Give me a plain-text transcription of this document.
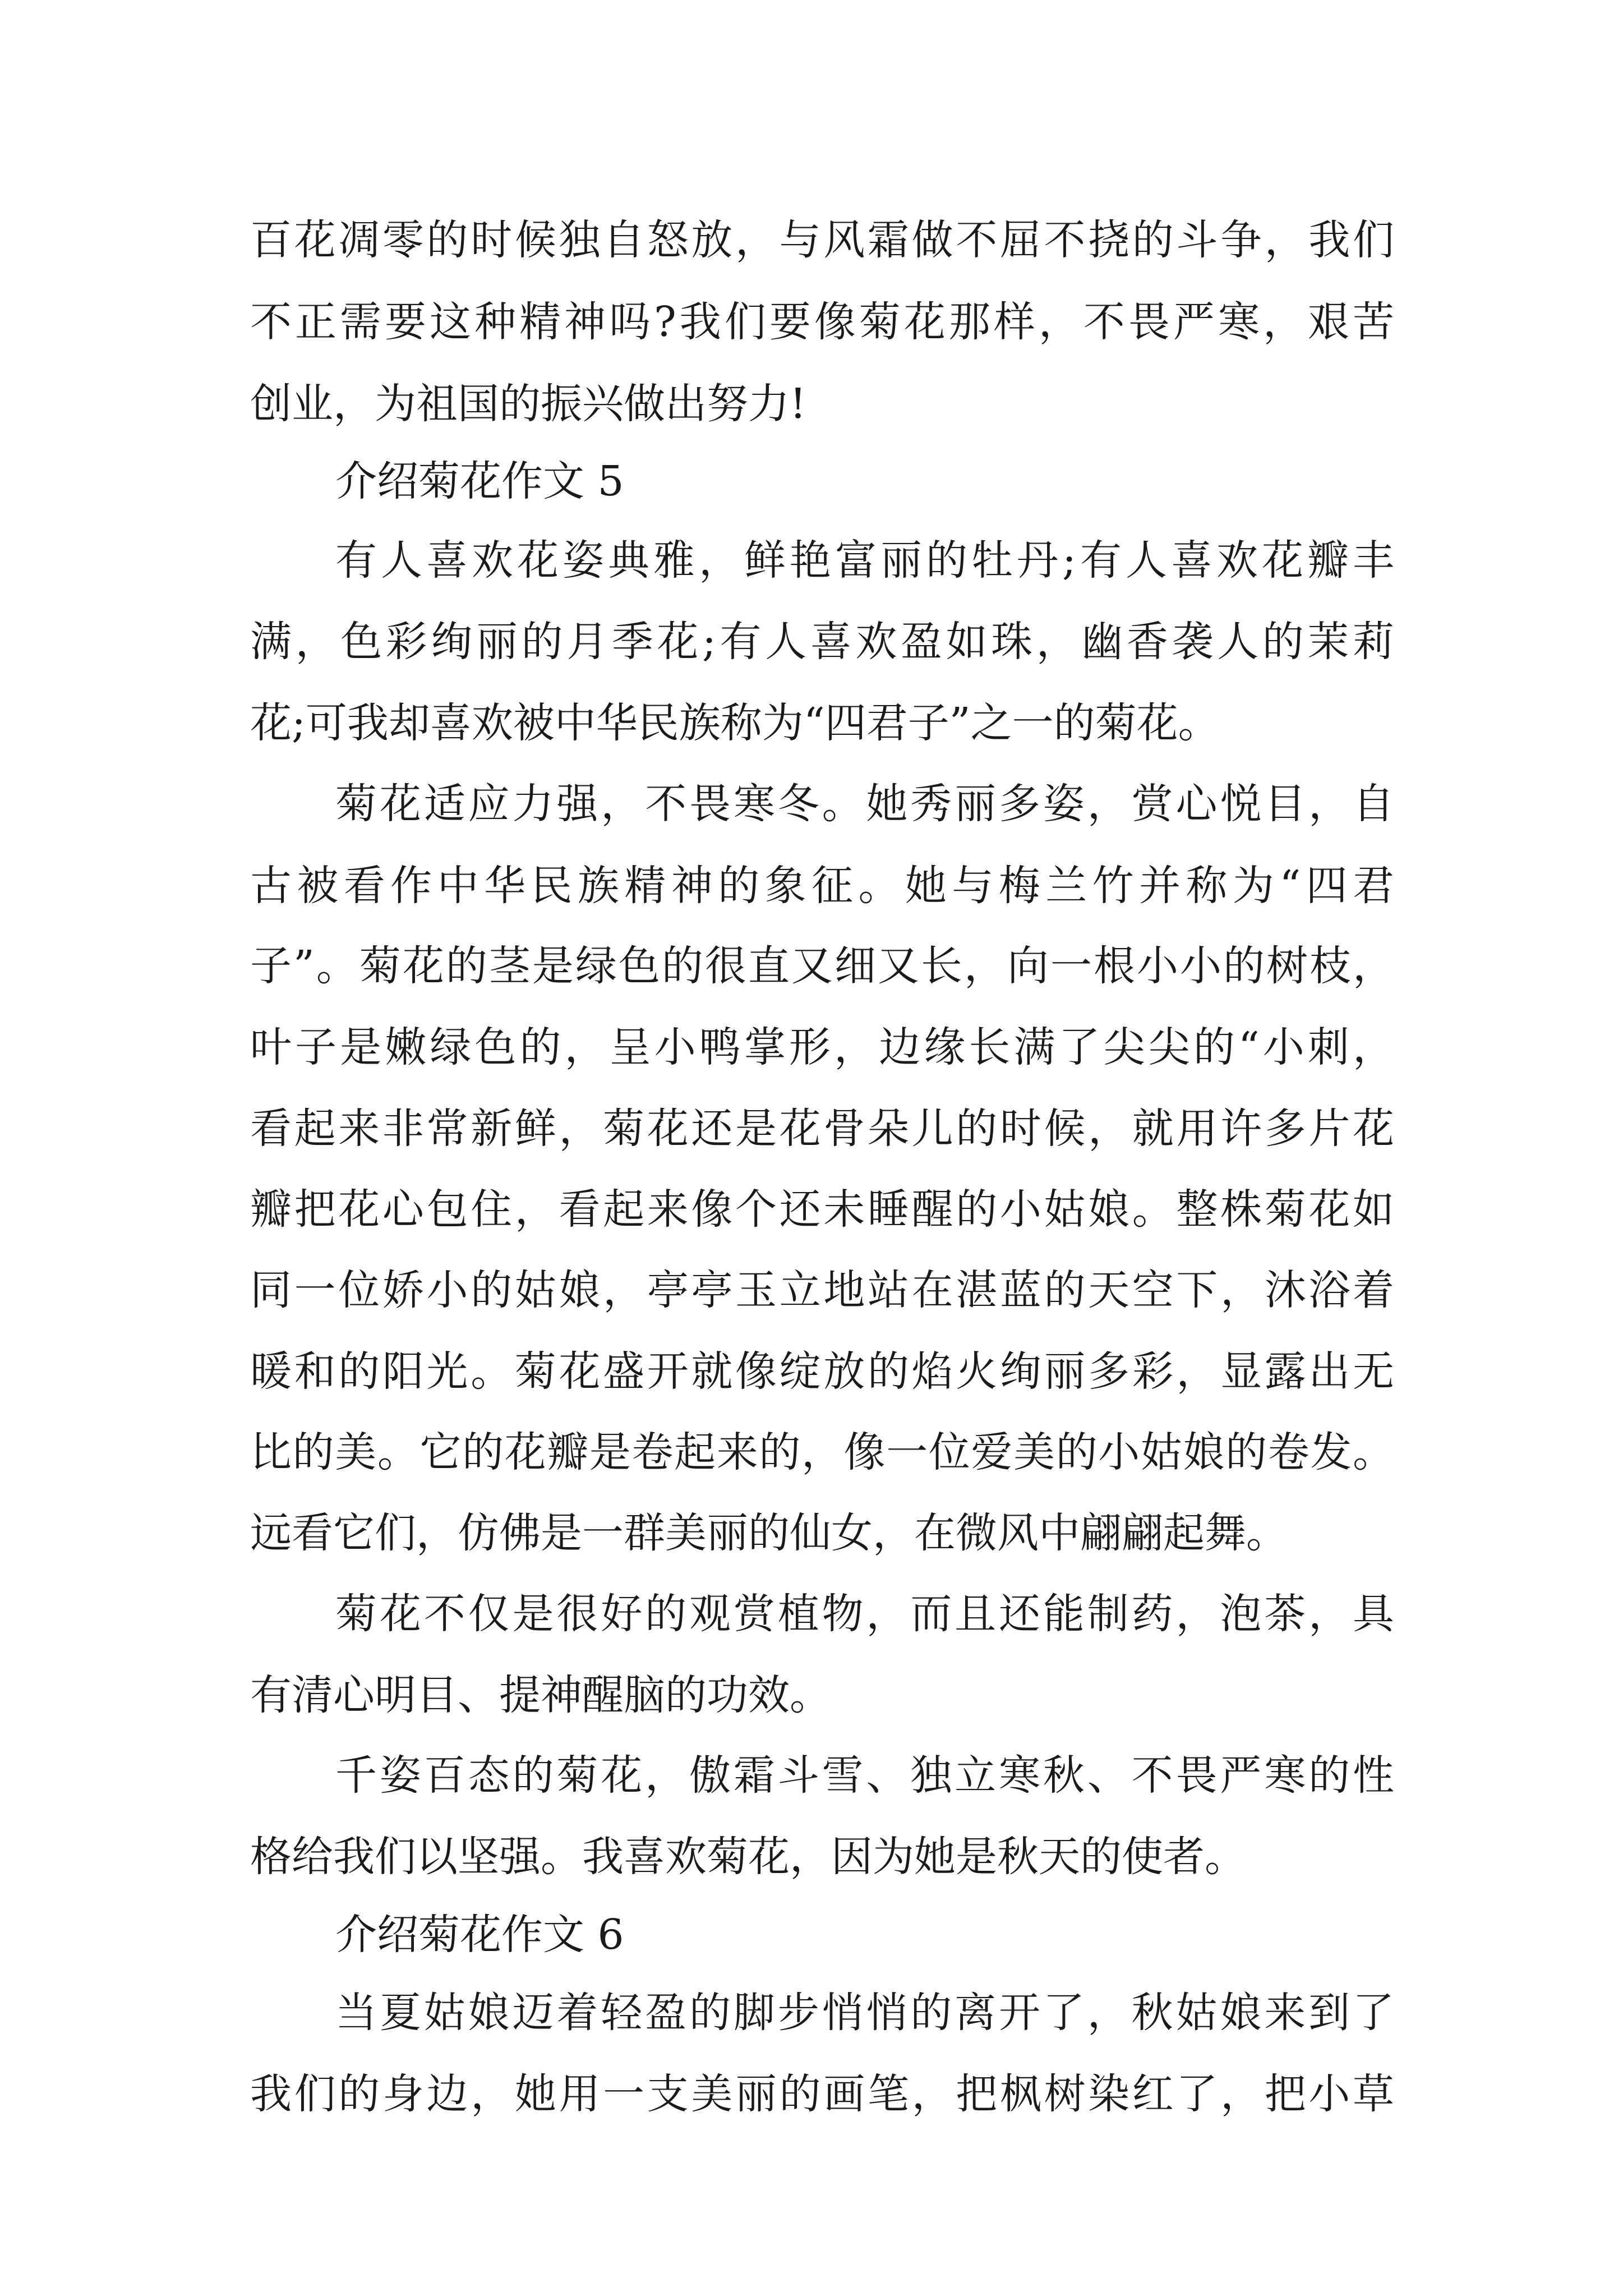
百花凋零的时候独自怒放，与风霜做不屈不挠的斗争，我们
不正需要这种精神吗?我们要像菊花那样，不畏严寒，艰苦
创业，为祖国的振兴做出努力!
介绍菊花作文 5
有人喜欢花姿典雅，鲜艳富丽的牡丹;有人喜欢花瓣丰
满，色彩绚丽的月季花;有人喜欢盈如珠，幽香袭人的茉莉
花;可我却喜欢被中华民族称为“四君子”之一的菊花。
菊花适应力强，不畏寒冬。她秀丽多姿，赏心悦目，自
古被看作中华民族精神的象征。她与梅兰竹并称为“四君
子”。菊花的茎是绿色的很直又细又长，向一根小小的树枝，
叶子是嫩绿色的，呈小鸭掌形，边缘长满了尖尖的“小刺，
看起来非常新鲜，菊花还是花骨朵儿的时候，就用许多片花
瓣把花心包住，看起来像个还未睡醒的小姑娘。整株菊花如
同一位娇小的姑娘，亭亭玉立地站在湛蓝的天空下，沐浴着
暖和的阳光。菊花盛开就像绽放的焰火绚丽多彩，显露出无
比的美。它的花瓣是卷起来的，像一位爱美的小姑娘的卷发。
远看它们，仿佛是一群美丽的仙女，在微风中翩翩起舞。
菊花不仅是很好的观赏植物，而且还能制药，泡茶，具
有清心明目、提神醒脑的功效。
千姿百态的菊花，傲霜斗雪、独立寒秋、不畏严寒的性
格给我们以坚强。我喜欢菊花，因为她是秋天的使者。
介绍菊花作文 6
当夏姑娘迈着轻盈的脚步悄悄的离开了，秋姑娘来到了
我们的身边，她用一支美丽的画笔，把枫树染红了，把小草
